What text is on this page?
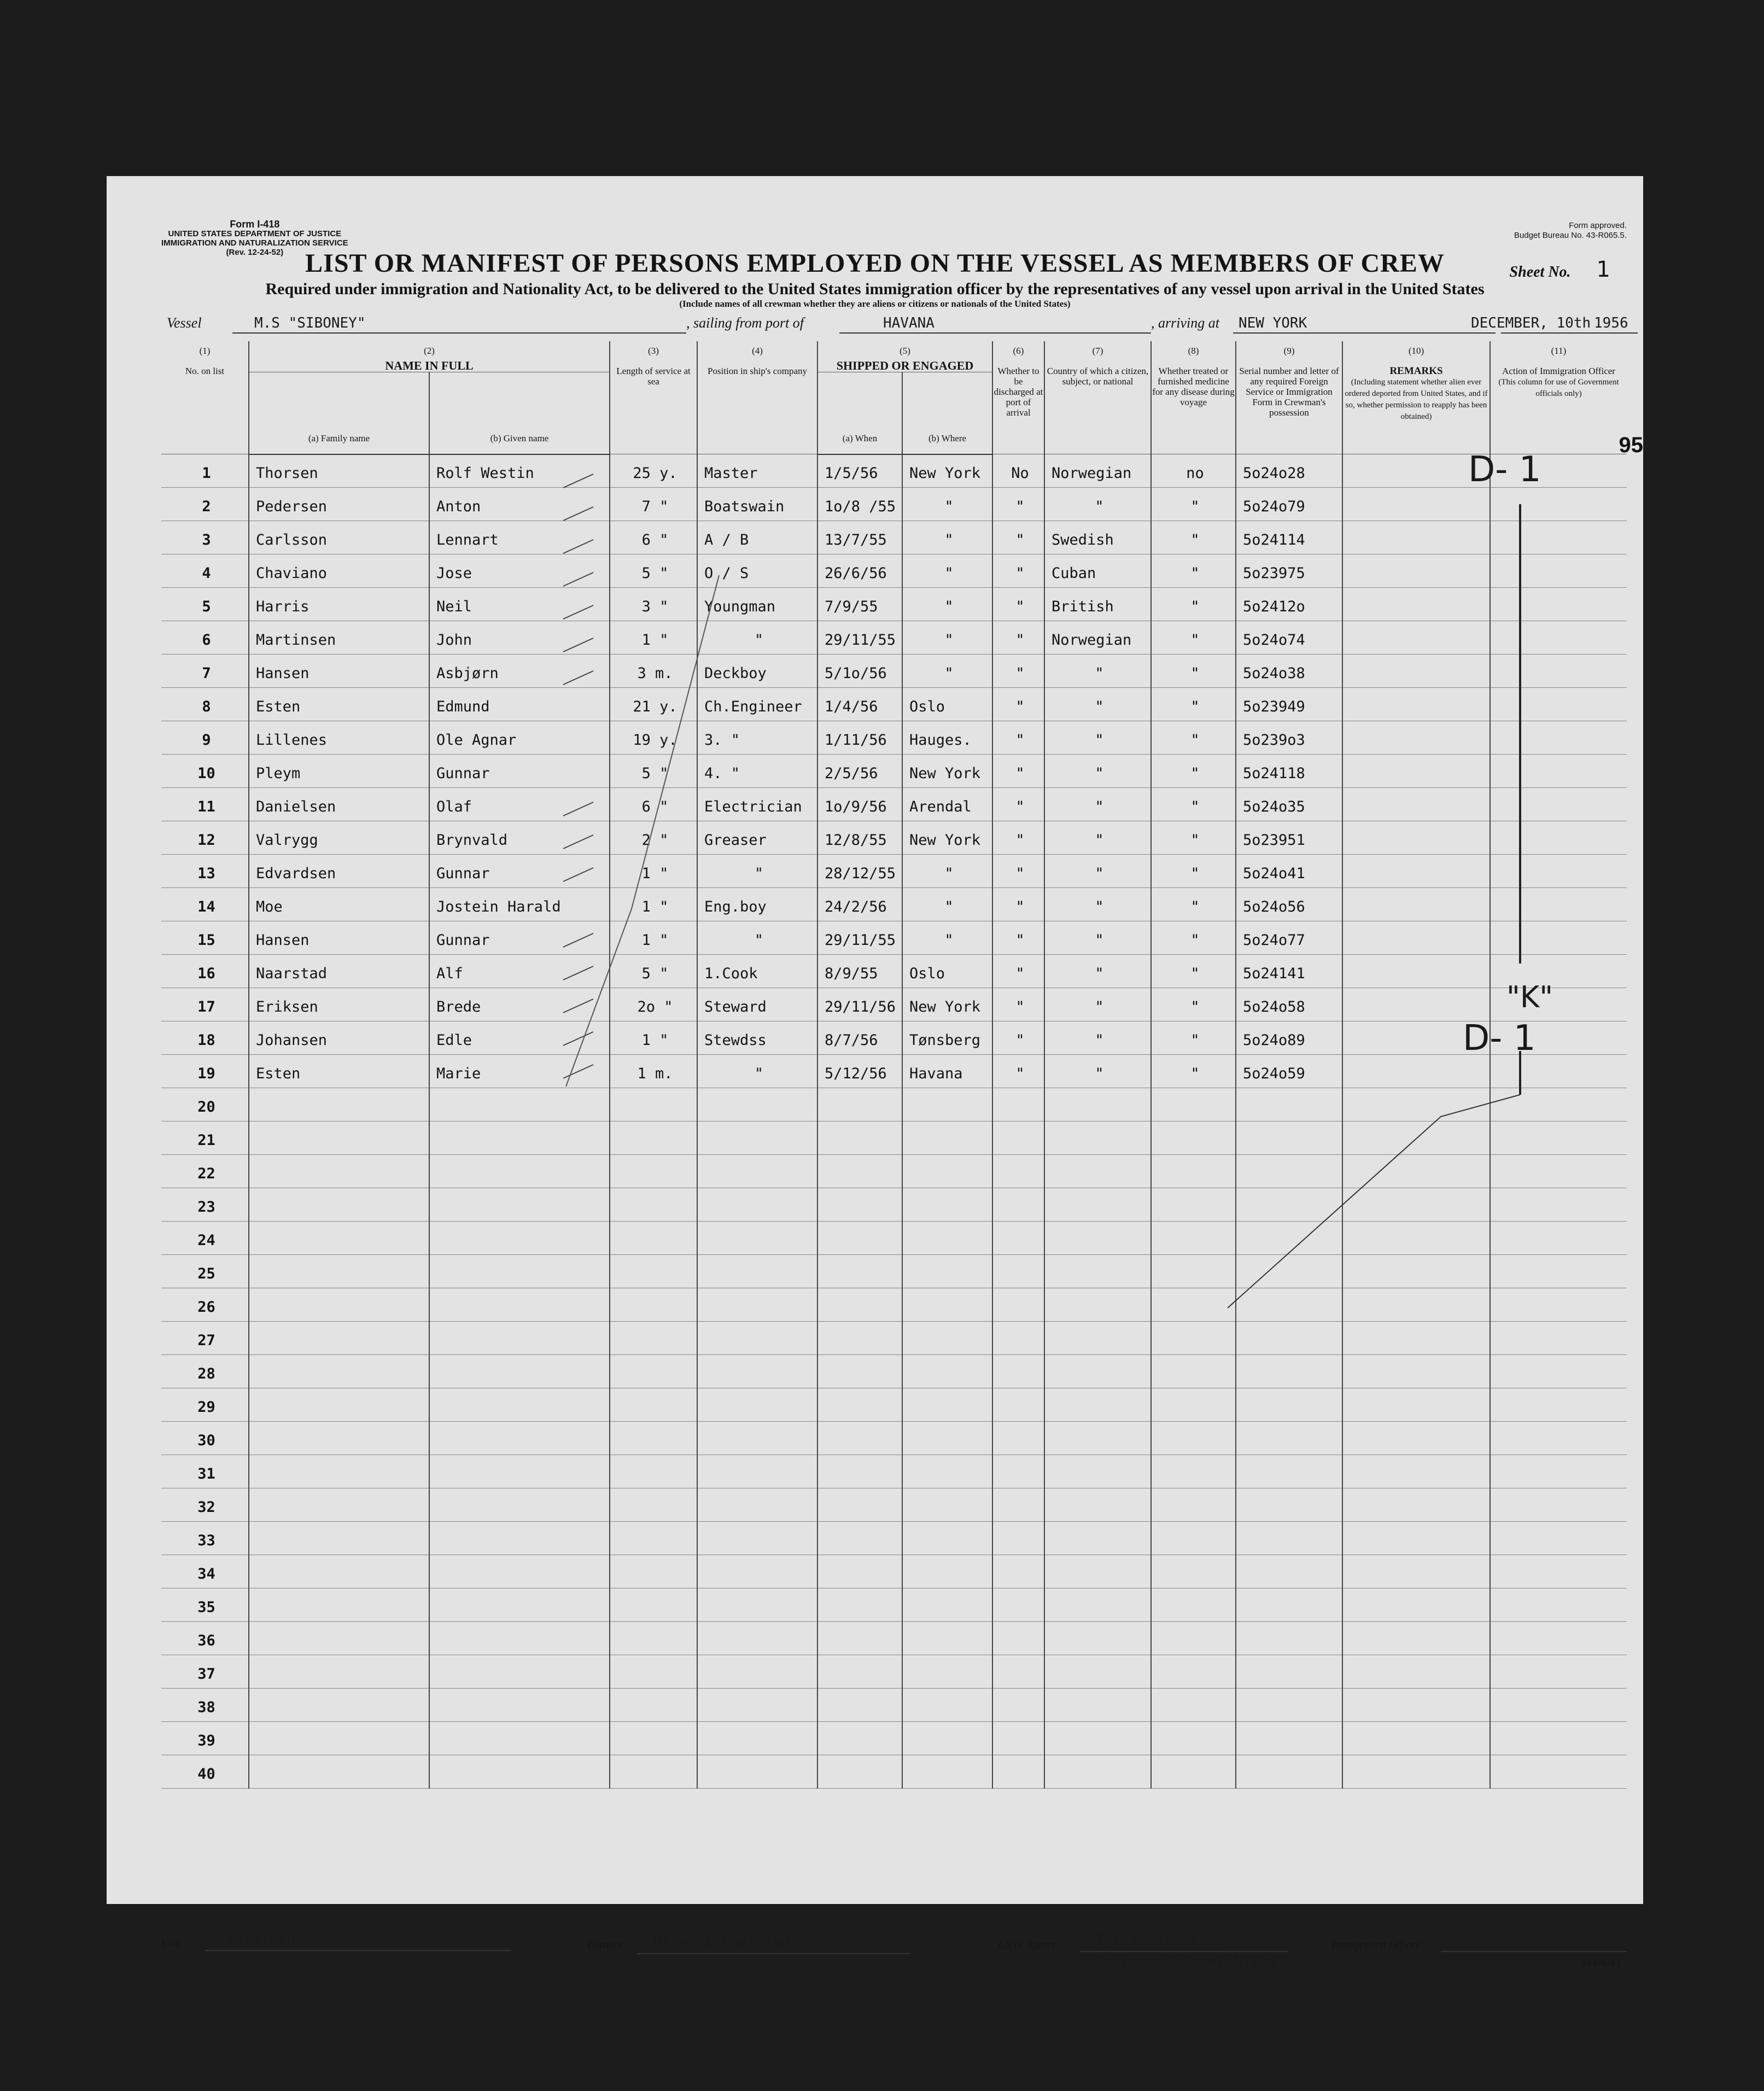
Form I-418
UNITED STATES DEPARTMENT OF JUSTICE
IMMIGRATION AND NATURALIZATION SERVICE
(Rev. 12-24-52)
Form approved.
Budget Bureau No. 43-R065.5.
LIST OR MANIFEST OF PERSONS EMPLOYED ON THE VESSEL AS MEMBERS OF CREW	Sheet No. 1
Required under immigration and Nationality Act, to be delivered to the United States immigration officer by the representatives of any vessel upon arrival in the United States
(Include names of all crewman whether they are aliens or citizens or nationals of the United States)
Vessel	M.S "SIBONEY"	, sailing from port of	HAVANA	, arriving at NEW YORK	DECEMBER, 10th 1956
(1)
No. on list	(2)
NAME IN FULL		(3)
Length of service at sea	(4)
Position in ship's company	(5)
SHIPPED OR ENGAGED		(6)
Whether to be discharged at port of arrival	(7)
Country of which a citizen, subject, or national	(8)
Whether treated or furnished medicine for any disease during voyage	(9)
Serial number and letter of any required Foreign Service or Immigration Form in Crewman's possession	(10)
REMARKS
(Including statement whether alien ever ordered deported from United States, and if so, whether permission to reapply has been obtained)	(11)
Action of Immigration Officer
(This column for use of Government officials only)
	(a) Family name	(b) Given name			(a) When	(b) Where						

1	Thorsen	Rolf Westin	25 y.	Master	1/5/56	New York	No	Norwegian	no	5o24o28		
2	Pedersen	Anton	7 "	Boatswain	1o/8 /55	"	"	"	"	5o24o79		
3	Carlsson	Lennart	6 "	A / B	13/7/55	"	"	Swedish	"	5o24114		
4	Chaviano	Jose	5 "	O / S	26/6/56	"	"	Cuban	"	5o23975		
5	Harris	Neil	3 "	Youngman	7/9/55	"	"	British	"	5o2412o		
6	Martinsen	John	1 "	"	29/11/55	"	"	Norwegian	"	5o24o74		
7	Hansen	Asbjørn	3 m.	Deckboy	5/1o/56	"	"	"	"	5o24o38		
8	Esten	Edmund	21 y.	Ch.Engineer	1/4/56	Oslo	"	"	"	5o23949		
9	Lillenes	Ole Agnar	19 y.	3. "	1/11/56	Hauges.	"	"	"	5o239o3		
10	Pleym	Gunnar	5 "	4. "	2/5/56	New York	"	"	"	5o24118		
11	Danielsen	Olaf	6 "	Electrician	1o/9/56	Arendal	"	"	"	5o24o35		
12	Valrygg	Brynvald	2 "	Greaser	12/8/55	New York	"	"	"	5o23951		
13	Edvardsen	Gunnar	1 "	"	28/12/55	"	"	"	"	5o24o41		
14	Moe	Jostein Harald	1 "	Eng.boy	24/2/56	"	"	"	"	5o24o56		
15	Hansen	Gunnar	1 "	"	29/11/55	"	"	"	"	5o24o77		
16	Naarstad	Alf	5 "	1.Cook	8/9/55	Oslo	"	"	"	5o24141		
17	Eriksen	Brede	2o "	Steward	29/11/56	New York	"	"	"	5o24o58		
18	Johansen	Edle	1 "	Stewdss	8/7/56	Tønsberg	"	"	"	5o24o89		
19	Esten	Marie	1 m.	"	5/12/56	Havana	"	"	"	5o24o59		
20												
21												
22												
23												
24												
25												
26												
27												
28												
29												
30												
31												
32												
33												
34												
35												
36												
37												
38												
39												
40												
95
D- 1
"K"
D- 1
Line	Ward-Line	Owners Olsen & Ugelstad	Local Agents	Fjell Line Inc.
8o Broad Street N.Y.4
Immigration Officer
16-67829-1
